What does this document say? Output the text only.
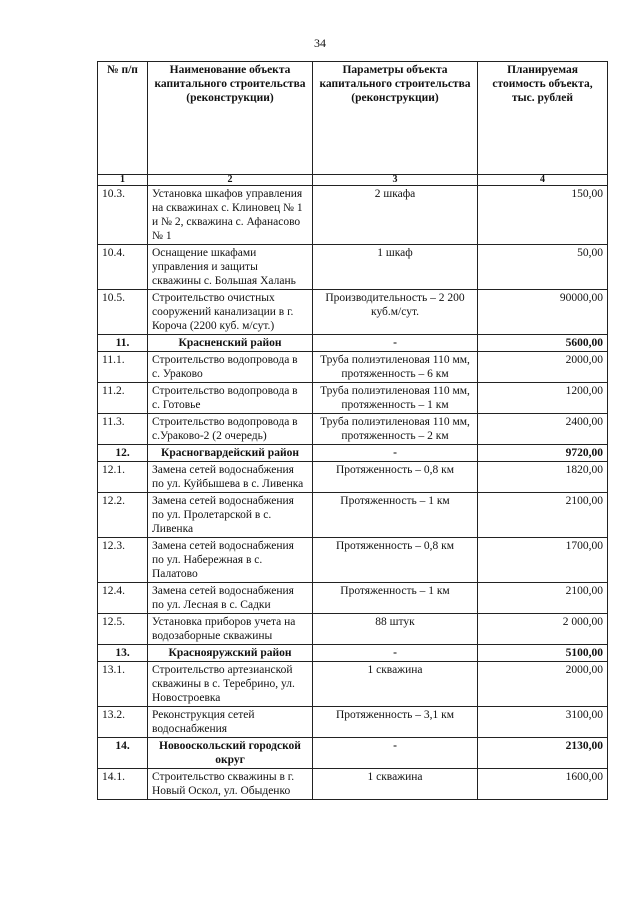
34
№ п/п	Наименование объекта капитального строительства (реконструкции)	Параметры объекта капитального строительства (реконструкции)	Планируемая стоимость объекта, тыс. рублей
1	2	3	4
10.3.	Установка шкафов управления на скважинах с. Клиновец № 1 и № 2, скважина с. Афанасово № 1	2 шкафа	150,00
10.4.	Оснащение шкафами управления и защиты скважины с. Большая Халань	1 шкаф	50,00
10.5.	Строительство очистных сооружений канализации в г. Короча (2200 куб. м/сут.)	Производительность – 2 200 куб.м/сут.	90000,00
11.	Красненский район	-	5600,00
11.1.	Строительство водопровода в с. Ураково	Труба полиэтиленовая 110 мм, протяженность – 6 км	2000,00
11.2.	Строительство водопровода в с. Готовье	Труба полиэтиленовая 110 мм, протяженность – 1 км	1200,00
11.3.	Строительство водопровода в с.Ураково-2 (2 очередь)	Труба полиэтиленовая 110 мм, протяженность – 2 км	2400,00
12.	Красногвардейский район	-	9720,00
12.1.	Замена сетей водоснабжения по ул. Куйбышева в с. Ливенка	Протяженность – 0,8 км	1820,00
12.2.	Замена сетей водоснабжения по ул. Пролетарской в с. Ливенка	Протяженность – 1 км	2100,00
12.3.	Замена сетей водоснабжения по ул. Набережная в с. Палатово	Протяженность – 0,8 км	1700,00
12.4.	Замена сетей водоснабжения по ул. Лесная в с. Садки	Протяженность – 1 км	2100,00
12.5.	Установка приборов учета на водозаборные скважины	88 штук	2 000,00
13.	Краснояружский район	-	5100,00
13.1.	Строительство артезианской скважины в с. Теребрино, ул. Новостроевка	1 скважина	2000,00
13.2.	Реконструкция сетей водоснабжения	Протяженность – 3,1 км	3100,00
14.	Новооскольский городской округ	-	2130,00
14.1.	Строительство скважины в г. Новый Оскол, ул. Обыденко	1 скважина	1600,00
